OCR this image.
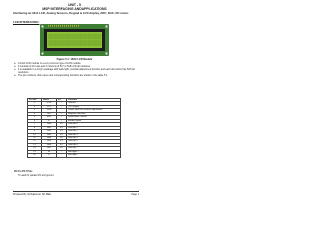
UNIT - 5
MSP INTERFACING ANDAPPLICATIONS
Interfacing an 16x4 LCD, Analog Sensors, Keypad & LCD display, ADC, DAC, DC motor.
LCD INTERFACING:
Figure 5.1: 16X2 LCD Module
❖ A 16x2 LCD module is a very common type of LCD module.
❖ It consists of 16 rows and 2 columns of 5x7 or 5x8 LCD dot matrices.
❖ It is available in a 16 pin package with back light ,contrast adjustment function and each dot matrix has 5x8 dot resolution.
❖ The pin numbers, their name and corresponding functions are shown in the table 5.1.
Pin No.	Name	I/O	Function
1	VSS	-	Ground
2	VCC	-	+5V supply
3	VEE	-	Power input for contrast adjustment
4	RS	I	Register selection
5	R/W	I	Read/Write Control
6	E	I	Enable signal
7	DB0	I/O	Data Bit 0
8	DB1	I/O	Data Bit 1
9	DB2	I/O	Data Bit 2
10	DB3	I/O	Data Bit 3
11	DB4	I/O	Data Bit 4
12	DB5	I/O	Data Bit 5
13	DB6	I/O	Data Bit 6
14	DB7	I/O	Data Bit 7
15	A	-	Backlight +
16	K	-	Backlight -
P2.3 to P2.7 Pins
To used for parallel I/O and ground
Prepared By: Er.Rajkumar, AP, BEE	Page 1
